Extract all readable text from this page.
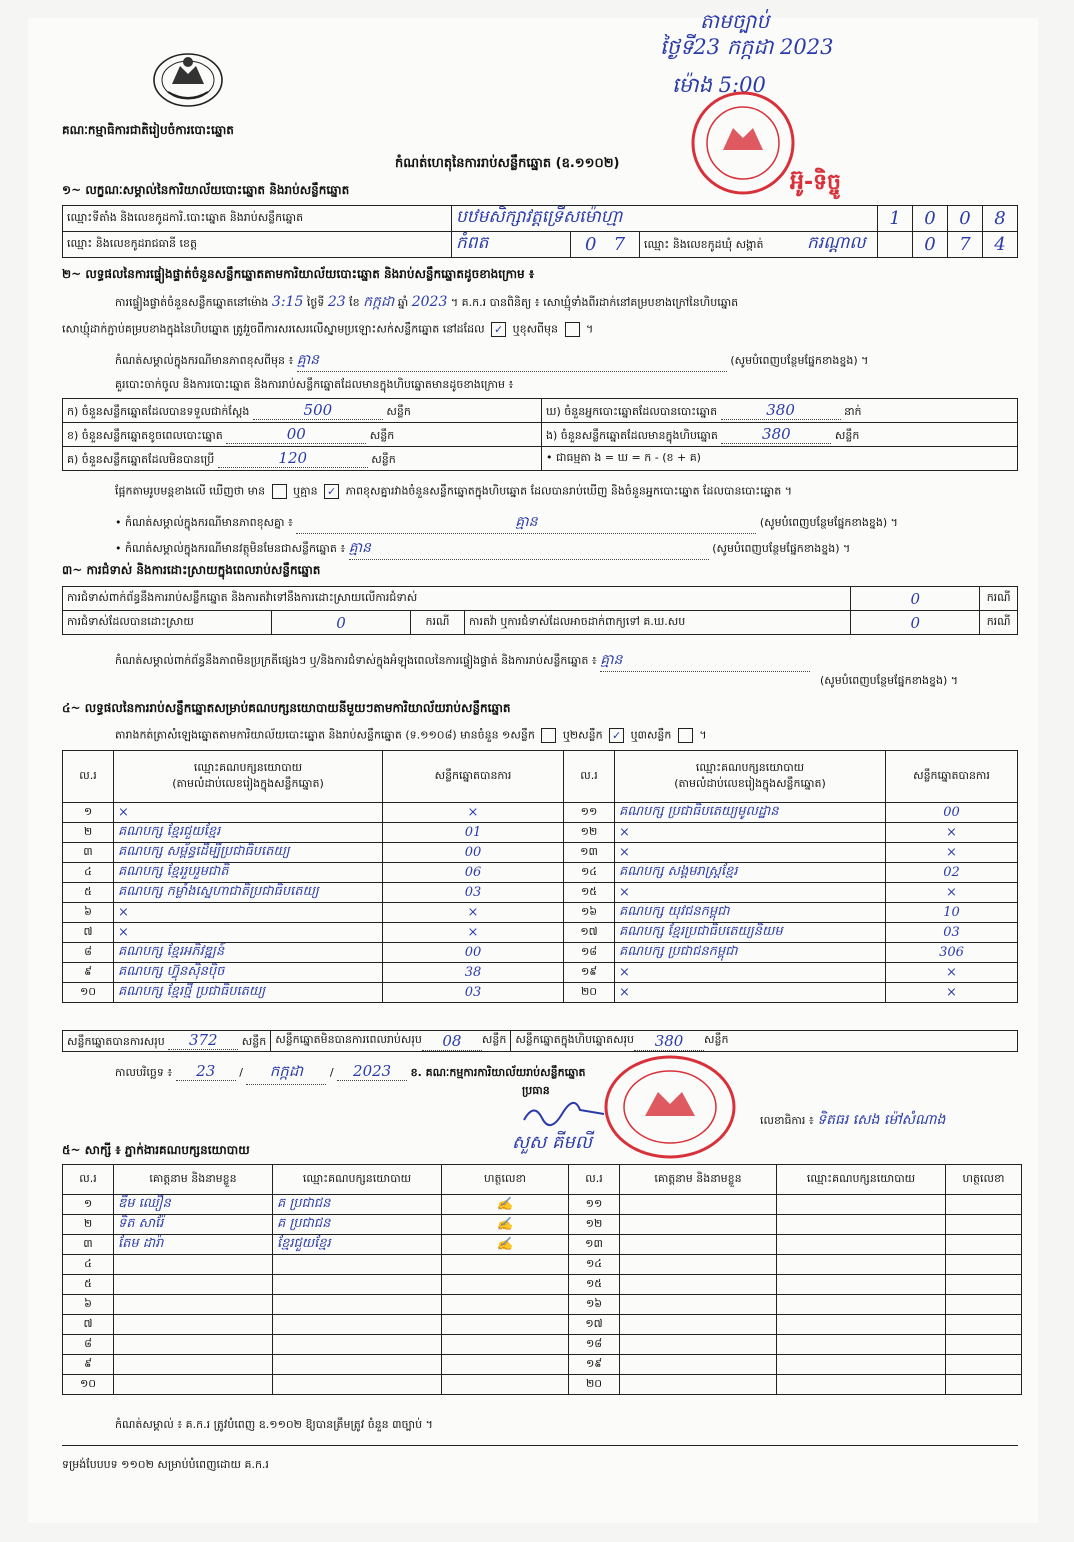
គណៈកម្មាធិការជាតិរៀបចំការបោះឆ្នោត
តាមច្បាប់
ថ្ងៃទី23 កក្កដា 2023
ម៉ោង 5:00
អ៊ូ-ទិច្ចូ
កំណត់ហេតុនៃការរាប់សន្លឹកឆ្នោត (ឧ.១១០២)
១~ លក្ខណៈសម្គាល់នៃការិយាល័យបោះឆ្នោត និងរាប់សន្លឹកឆ្នោត
ឈ្មោះទីតាំង និងលេខកូដការិ.បោះឆ្នោត និងរាប់សន្លឹកឆ្នោត	បឋមសិក្សាវត្តទ្រើសម៉ោហ្មា			1	0	0	8
ឈ្មោះ និងលេខកូដរាជធានី ខេត្ត	កំពត	0 7	ឈ្មោះ និងលេខកូដឃុំ សង្កាត់ ករណ្តាល		0	7	4
២~ លទ្ធផលនៃការផ្ទៀងផ្ទាត់ចំនួនសន្លឹកឆ្នោតតាមការិយាល័យបោះឆ្នោត និងរាប់សន្លឹកឆ្នោតដូចខាងក្រោម ៖
ការផ្ទៀងផ្ទាត់ចំនួនសន្លឹកឆ្នោតនៅម៉ោង 3:15 ថ្ងៃទី 23 ខែ កក្កដា ឆ្នាំ 2023 ។ គ.ក.រ បានពិនិត្យ ៖ សោឃ្មុំទាំងពីរដាក់នៅគម្របខាងក្រៅនៃហិបឆ្នោត
សោឃ្មុំដាក់ភ្ជាប់គម្របខាងក្នុងនៃហិបឆ្នោត ត្រូវរួចពីការសរសេរលើស្នាមប្រឡោះសក់សន្លឹកឆ្នោត នៅដដែល ✓ ឬខុសពីមុន  ។
កំណត់សម្គាល់ក្នុងករណីមានភាពខុសពីមុន ៖ គ្មាន	(សូមបំពេញបន្ថែមផ្នែកខាងខ្នង) ។
គួរបោះចាក់ចូល និងការបោះឆ្នោត និងការរាប់សន្លឹកឆ្នោតដែលមានក្នុងហិបឆ្នោតមានដូចខាងក្រោម ៖
ក) ចំនួនសន្លឹកឆ្នោតដែលបានទទួលជាក់ស្ដែង 500 សន្លឹក	ឃ) ចំនួនអ្នកបោះឆ្នោតដែលបានបោះឆ្នោត 380 នាក់
ខ) ចំនួនសន្លឹកឆ្នោតខូចពេលបោះឆ្នោត 00 សន្លឹក	ង) ចំនួនសន្លឹកឆ្នោតដែលមានក្នុងហិបឆ្នោត 380 សន្លឹក
គ) ចំនួនសន្លឹកឆ្នោតដែលមិនបានប្រើ 120 សន្លឹក	• ជាធម្មតា ង = ឃ = ក - (ខ + គ)
ផ្អែកតាមរូបមន្តខាងលើ ឃើញថា មាន	ឬគ្មាន ✓ ភាពខុសគ្នារវាងចំនួនសន្លឹកឆ្នោតក្នុងហិបឆ្នោត ដែលបានរាប់ឃើញ និងចំនួនអ្នកបោះឆ្នោត ដែលបានបោះឆ្នោត ។
• កំណត់សម្គាល់ក្នុងករណីមានភាពខុសគ្នា ៖	គ្មាន	(សូមបំពេញបន្ថែមផ្នែកខាងខ្នង) ។
• កំណត់សម្គាល់ក្នុងករណីមានវត្ថុមិនមែនជាសន្លឹកឆ្នោត ៖ គ្មាន	(សូមបំពេញបន្ថែមផ្នែកខាងខ្នង) ។
៣~ ការជំទាស់ និងការដោះស្រាយក្នុងពេលរាប់សន្លឹកឆ្នោត
ការជំទាស់ពាក់ព័ន្ធនឹងការរាប់សន្លឹកឆ្នោត និងការតវ៉ាទៅនឹងការដោះស្រាយលើការជំទាស់				0	ករណី
ការជំទាស់ដែលបានដោះស្រាយ	0	ករណី	ការតវ៉ា ឬការជំទាស់ដែលអាចដាក់ពាក្យទៅ គ.ឃ.សប	0	ករណី
កំណត់សម្គាល់ពាក់ព័ន្ធនឹងភាពមិនប្រក្រតីផ្សេងៗ ឬ/និងការជំទាស់ក្នុងអំឡុងពេលនៃការផ្ទៀងផ្ទាត់ និងការរាប់សន្លឹកឆ្នោត ៖ គ្មាន
(សូមបំពេញបន្ថែមផ្នែកខាងខ្នង) ។
៤~ លទ្ធផលនៃការរាប់សន្លឹកឆ្នោតសម្រាប់គណបក្សនយោបាយនីមួយៗតាមការិយាល័យរាប់សន្លឹកឆ្នោត
តារាងកត់ត្រាសំឡេងឆ្នោតតាមការិយាល័យបោះឆ្នោត និងរាប់សន្លឹកឆ្នោត (ទ.១១០៨) មានចំនួន ១សន្លឹក	ឬ២សន្លឹក ✓ ឬ៣សន្លឹក  ។
ល.រ	ឈ្មោះគណបក្សនយោបាយ
(តាមលំដាប់លេខរៀងក្នុងសន្លឹកឆ្នោត)	សន្លឹកឆ្នោតបានការ	ល.រ	ឈ្មោះគណបក្សនយោបាយ
(តាមលំដាប់លេខរៀងក្នុងសន្លឹកឆ្នោត)	សន្លឹកឆ្នោតបានការ
១	×	×	១១	គណបក្ស ប្រជាធិបតេយ្យមូលដ្ឋាន	00
២	គណបក្ស ខ្មែរជួយខ្មែរ	01	១២	×	×
៣	គណបក្ស សម្ព័ន្ធដើម្បីប្រជាធិបតេយ្យ	00	១៣	×	×
៤	គណបក្ស ខ្មែររួបរួមជាតិ	06	១៤	គណបក្ស សង្គមរាស្ត្រខ្មែរ	02
៥	គណបក្ស កម្លាំងស្នេហាជាតិប្រជាធិបតេយ្យ	03	១៥	×	×
៦	×	×	១៦	គណបក្ស យុវជនកម្ពុជា	10
៧	×	×	១៧	គណបក្ស ខ្មែរប្រជាធិបតេយ្យនិយម	03
៨	គណបក្ស ខ្មែរអភិវឌ្ឍន៍	00	១៨	គណបក្ស ប្រជាជនកម្ពុជា	306
៩	គណបក្ស ហ៊្វុនស៊ិនប៉ិច	38	១៩	×	×
១០	គណបក្ស ខ្មែរថ្មី ប្រជាធិបតេយ្យ	03	២០	×	×
សន្លឹកឆ្នោតបានការសរុប 372 សន្លឹក សន្លឹកឆ្នោតមិនបានការពេលរាប់សរុប	08	សន្លឹក សន្លឹកឆ្នោតក្នុងហិបឆ្នោតសរុប	380	សន្លឹក
កាលបរិច្ឆេទ ៖ 23 / កក្កដា / 2023 ខ. គណៈកម្មការការិយាល័យរាប់សន្លឹកឆ្នោត
ប្រធាន
សួស គីមលី
លេខាធិការ ៖ ទិតធរ សេង ម៉ៅសំណាង
៥~ សាក្សី ៖ ភ្នាក់ងារគណបក្សនយោបាយ
ល.រ	គោត្តនាម និងនាមខ្លួន	ឈ្មោះគណបក្សនយោបាយ	ហត្ថលេខា	ល.រ	គោត្តនាម និងនាមខ្លួន	ឈ្មោះគណបក្សនយោបាយ	ហត្ថលេខា
១	ឌឹម ឈឿន	គ ប្រជាជន	✍	១១			
២	ទិត សារ៉ែ	គ ប្រជាជន	✍	១២			
៣	តែម ដារ៉ា	ខ្មែរជួយខ្មែរ	✍	១៣			
៤				១៤			
៥				១៥			
៦				១៦			
៧				១៧			
៨				១៨			
៩				១៩			
១០				២០			
កំណត់សម្គាល់ ៖ គ.ក.រ ត្រូវបំពេញ ឧ.១១០២ ឱ្យបានត្រឹមត្រូវ ចំនួន ៣ច្បាប់ ។
ទម្រង់បែបបទ ១១០២ សម្រាប់បំពេញដោយ គ.ក.រ
